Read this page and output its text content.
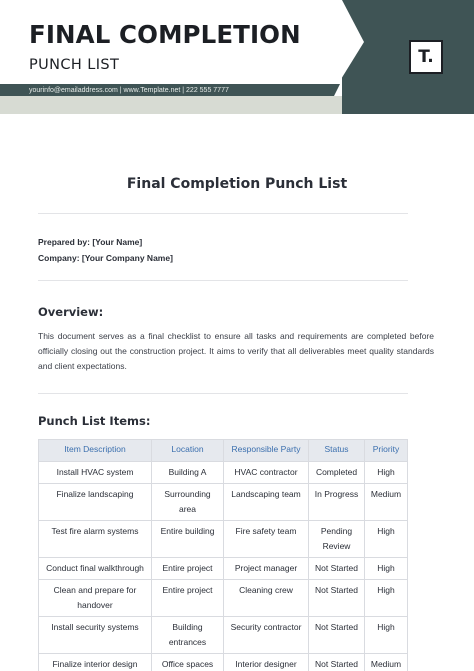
FINAL COMPLETION
PUNCH LIST
yourinfo@emailaddress.com | www.Template.net | 222 555 7777
T.
Final Completion Punch List
Prepared by: [Your Name]
Company: [Your Company Name]
Overview:
This document serves as a final checklist to ensure all tasks and requirements are completed before officially closing out the construction project. It aims to verify that all deliverables meet quality standards and client expectations.
Punch List Items:
Item Description	Location	Responsible Party	Status	Priority
Install HVAC system	Building A	HVAC contractor	Completed	High
Finalize landscaping	Surrounding area	Landscaping team	In Progress	Medium
Test fire alarm systems	Entire building	Fire safety team	Pending Review	High
Conduct final walkthrough	Entire project	Project manager	Not Started	High
Clean and prepare for handover	Entire project	Cleaning crew	Not Started	High
Install security systems	Building entrances	Security contractor	Not Started	High
Finalize interior design	Office spaces	Interior designer	Not Started	Medium
